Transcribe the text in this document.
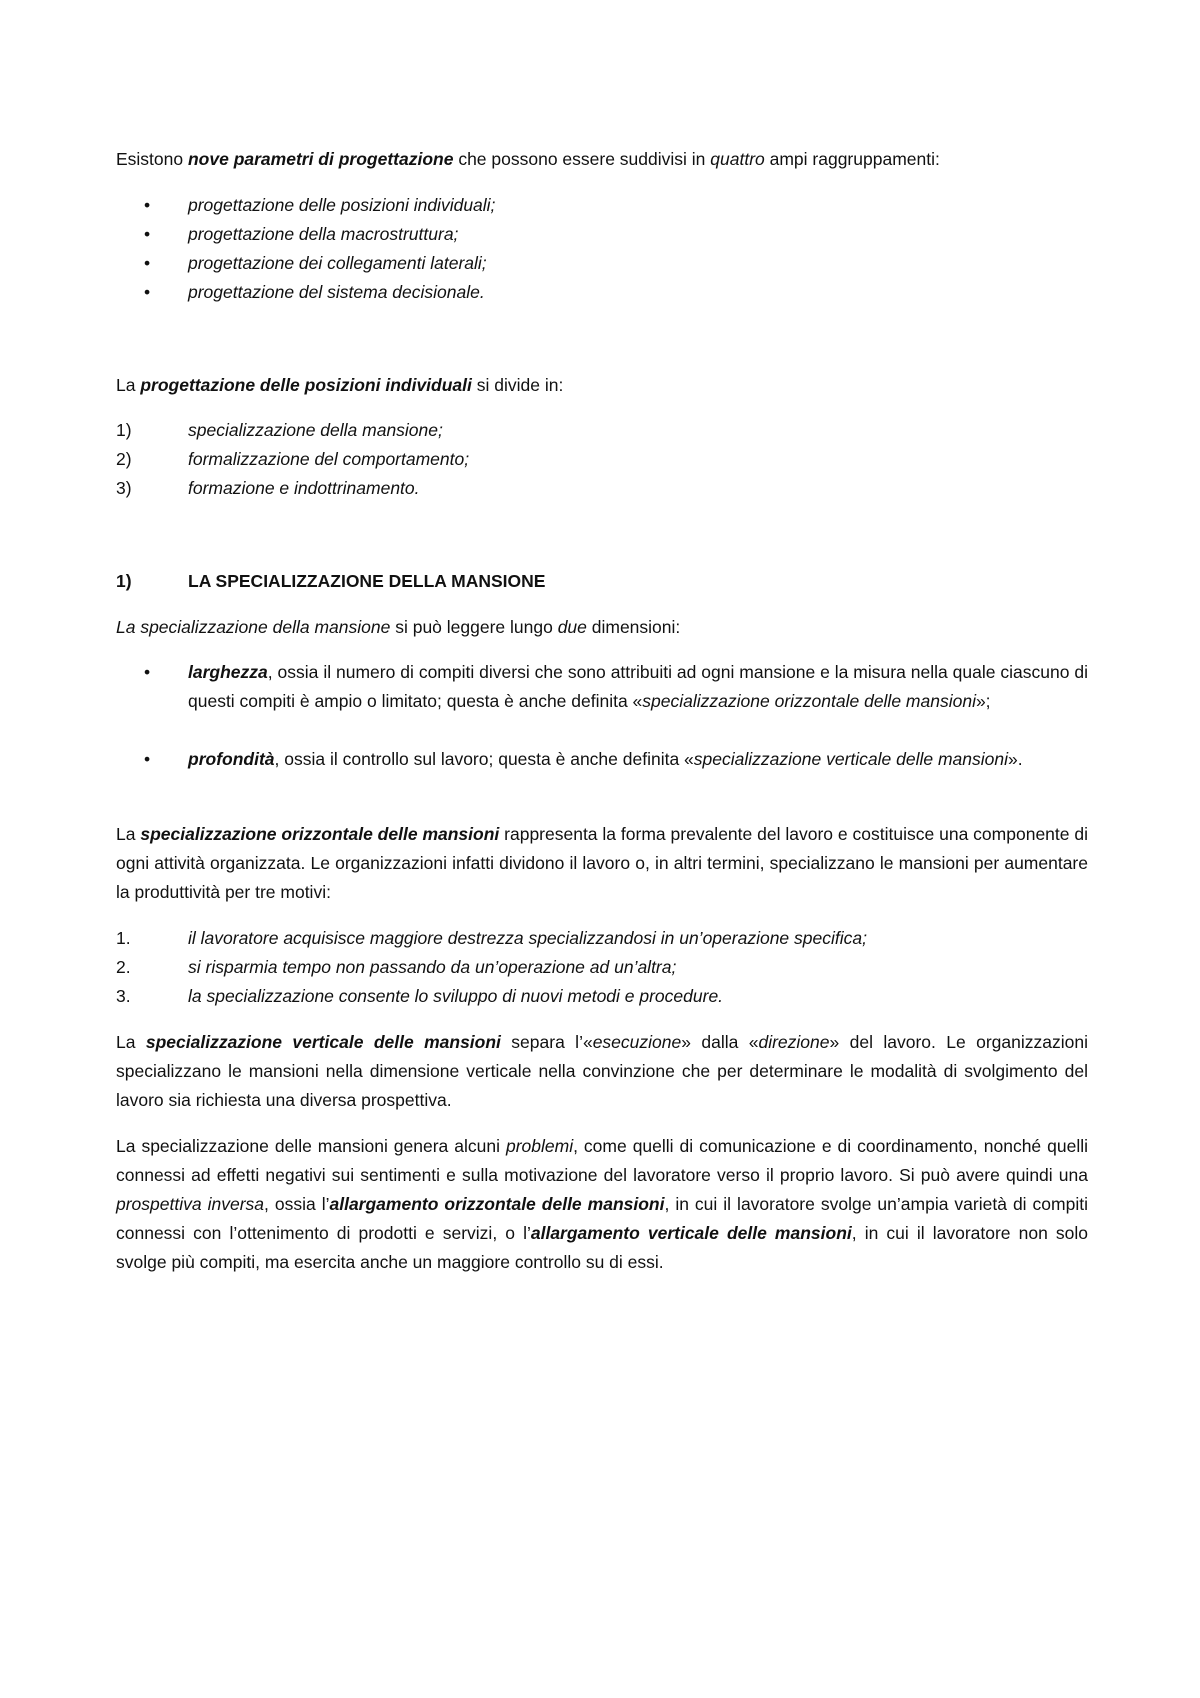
Esistono nove parametri di progettazione che possono essere suddivisi in quattro ampi raggruppamenti:

• progettazione delle posizioni individuali;
• progettazione della macrostruttura;
• progettazione dei collegamenti laterali;
• progettazione del sistema decisionale.

La progettazione delle posizioni individuali si divide in:

1)	specializzazione della mansione;
2)	formalizzazione del comportamento;
3)	formazione e indottrinamento.
1)	LA SPECIALIZZAZIONE DELLA MANSIONE

La specializzazione della mansione si può leggere lungo due dimensioni:

• larghezza, ossia il numero di compiti diversi che sono attribuiti ad ogni mansione e la misura nella quale ciascuno di questi compiti è ampio o limitato; questa è anche definita «specializzazione orizzontale delle mansioni»;
• profondità, ossia il controllo sul lavoro; questa è anche definita «specializzazione verticale delle mansioni».

La specializzazione orizzontale delle mansioni rappresenta la forma prevalente del lavoro e costituisce una componente di ogni attività organizzata. Le organizzazioni infatti dividono il lavoro o, in altri termini, specializzano le mansioni per aumentare la produttività per tre motivi:

1.	il lavoratore acquisisce maggiore destrezza specializzandosi in un’operazione specifica;
2.	si risparmia tempo non passando da un’operazione ad un’altra;
3.	la specializzazione consente lo sviluppo di nuovi metodi e procedure.

La specializzazione verticale delle mansioni separa l’«esecuzione» dalla «direzione» del lavoro. Le organizzazioni specializzano le mansioni nella dimensione verticale nella convinzione che per determinare le modalità di svolgimento del lavoro sia richiesta una diversa prospettiva.

La specializzazione delle mansioni genera alcuni problemi, come quelli di comunicazione e di coordinamento, nonché quelli connessi ad effetti negativi sui sentimenti e sulla motivazione del lavoratore verso il proprio lavoro. Si può avere quindi una prospettiva inversa, ossia l’allargamento orizzontale delle mansioni, in cui il lavoratore svolge un’ampia varietà di compiti connessi con l’ottenimento di prodotti e servizi, o l’allargamento verticale delle mansioni, in cui il lavoratore non solo svolge più compiti, ma esercita anche un maggiore controllo su di essi.
